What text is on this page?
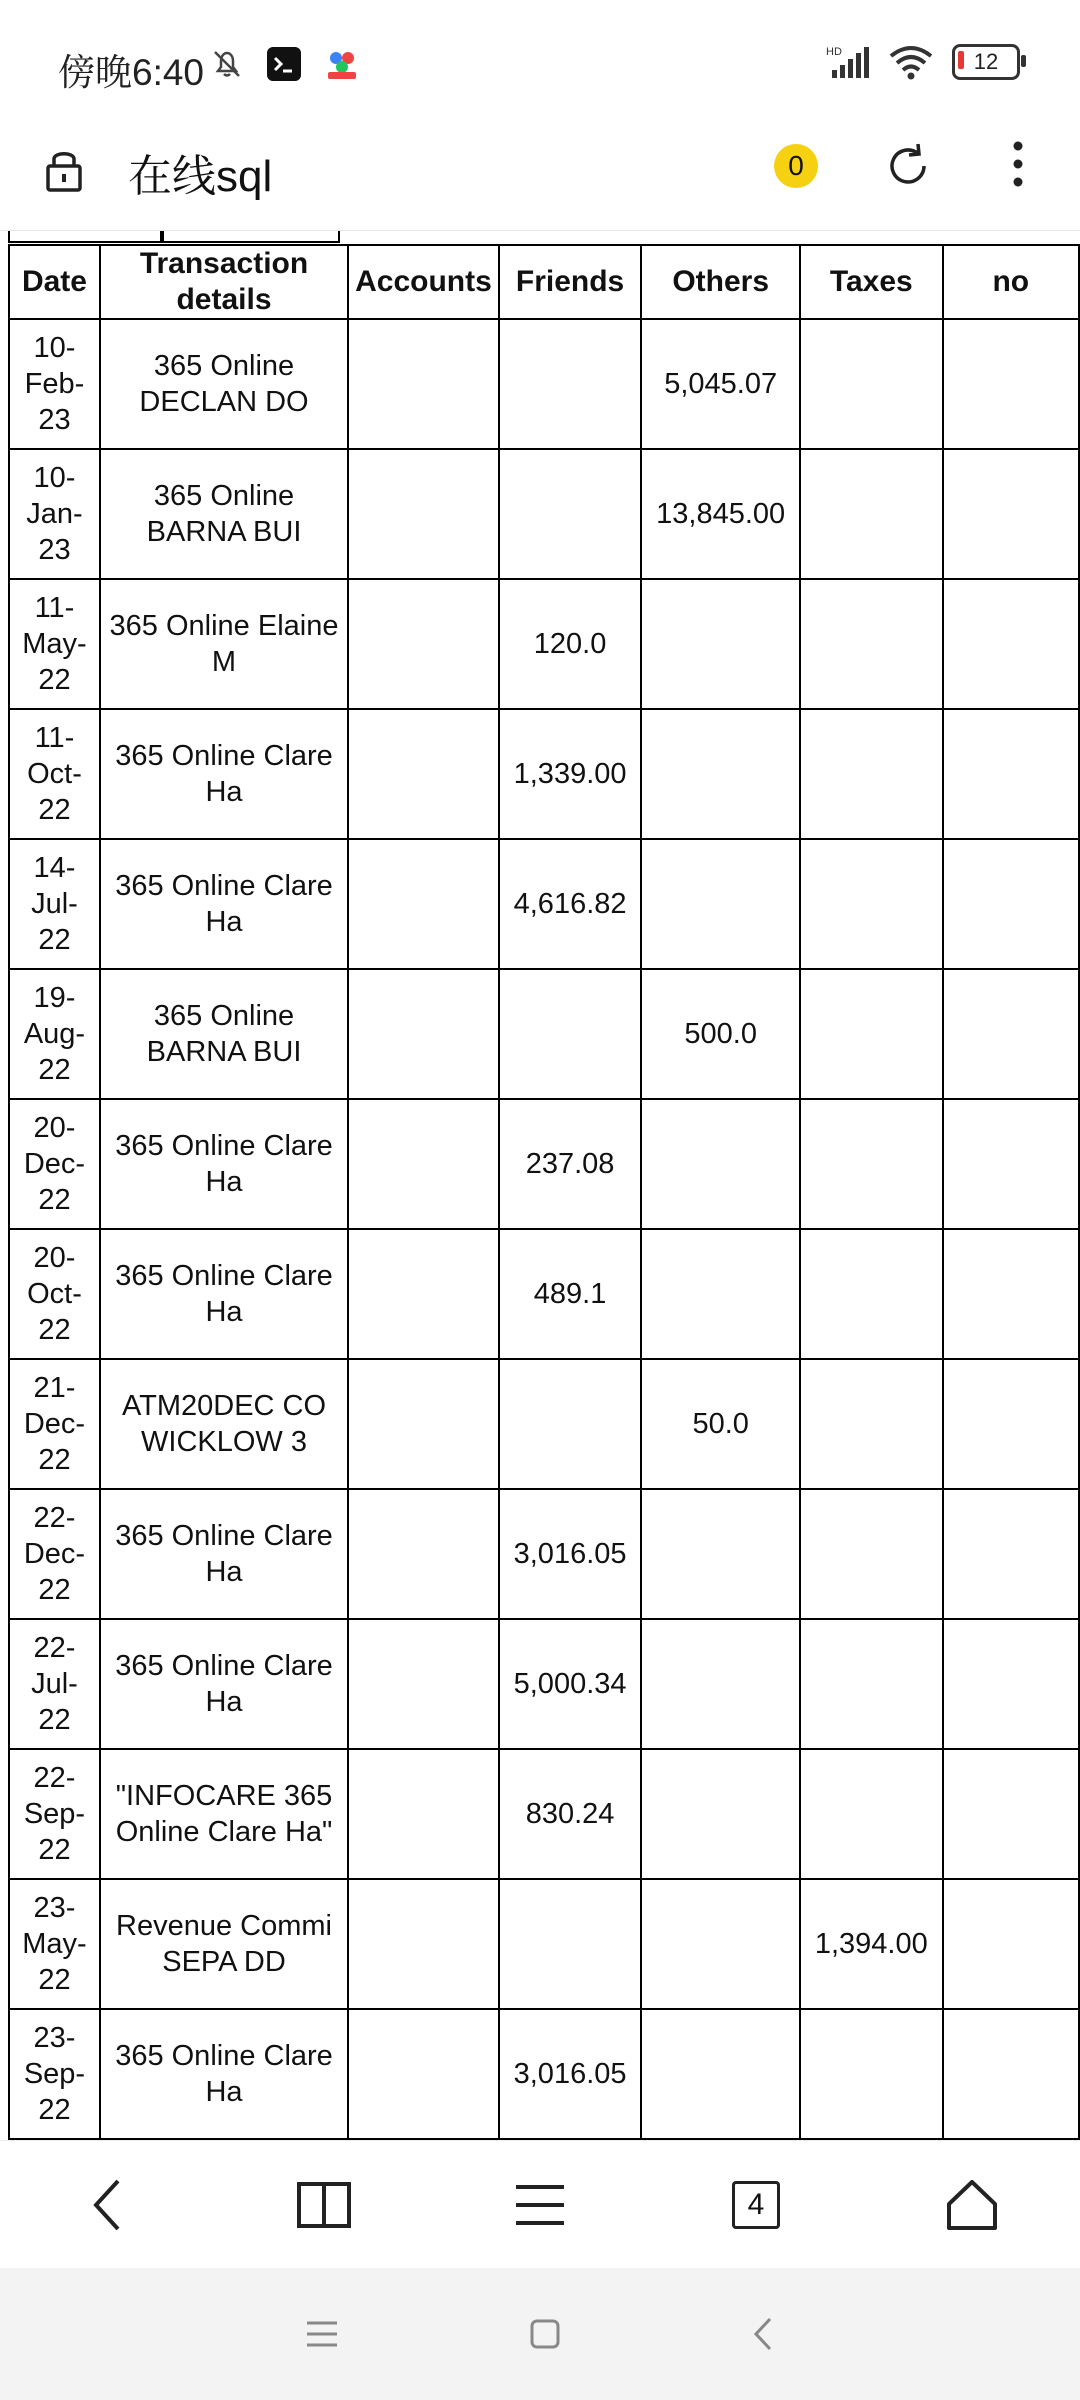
傍晚6:40	HD	12
在线sql	0
Date	Transaction details	Accounts	Friends	Others	Taxes	no
10-Feb-23	365 Online DECLAN DO			5,045.07		
10-Jan-23	365 Online BARNA BUI			13,845.00		
11-May-22	365 Online Elaine M		120.0			
11-Oct-22	365 Online Clare Ha		1,339.00			
14-Jul-22	365 Online Clare Ha		4,616.82			
19-Aug-22	365 Online BARNA BUI			500.0		
20-Dec-22	365 Online Clare Ha		237.08			
20-Oct-22	365 Online Clare Ha		489.1			
21-Dec-22	ATM20DEC CO WICKLOW 3			50.0		
22-Dec-22	365 Online Clare Ha		3,016.05			
22-Jul-22	365 Online Clare Ha		5,000.34			
22-Sep-22	"INFOCARE 365 Online Clare Ha"		830.24			
23-May-22	Revenue Commi SEPA DD				1,394.00	
23-Sep-22	365 Online Clare Ha		3,016.05			
4
